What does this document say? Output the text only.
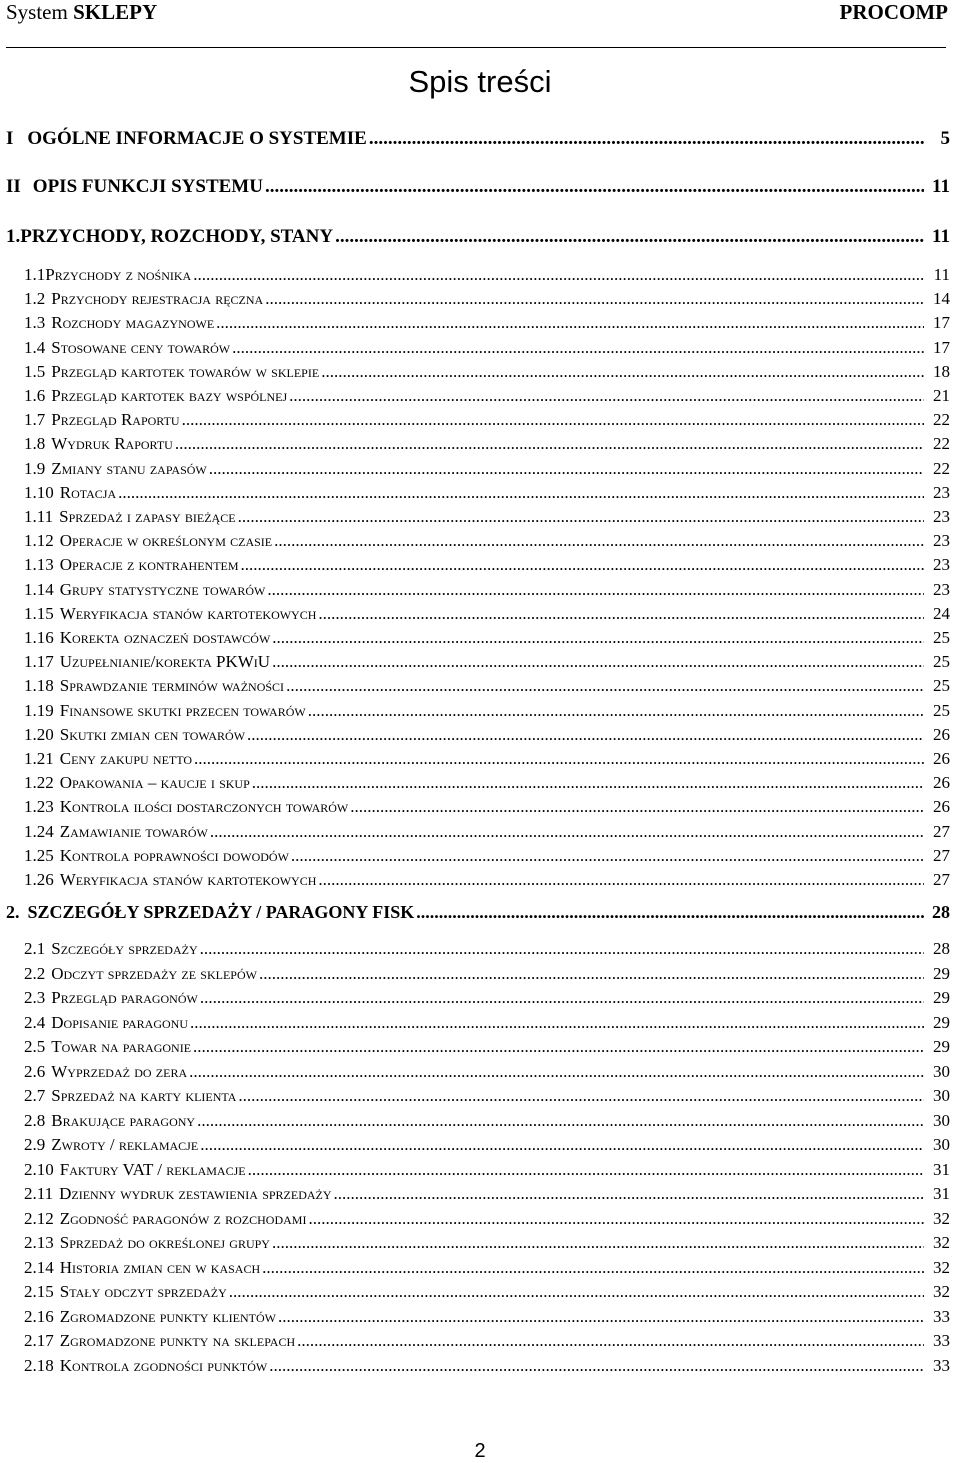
System SKLEPY	PROCOMP
Spis treści
I OGÓLNE INFORMACJE O SYSTEMIE .....	5
II OPIS FUNKCJI SYSTEMU .....	11
1. PRZYCHODY, ROZCHODY, STANY .....	11
1.1 Przychody z nośnika .....	11
1.2 Przychody rejestracja ręczna .....	14
1.3 Rozchody magazynowe .....	17
1.4 Stosowane ceny towarów .....	17
1.5 Przegląd kartotek towarów w sklepie .....	18
1.6 Przegląd kartotek bazy wspólnej .....	21
1.7 Przegląd Raportu .....	22
1.8 Wydruk Raportu .....	22
1.9 Zmiany stanu zapasów .....	22
1.10 Rotacja .....	23
1.11 Sprzedaż i zapasy bieżące .....	23
1.12 Operacje w określonym czasie .....	23
1.13 Operacje z kontrahentem .....	23
1.14 Grupy statystyczne towarów .....	23
1.15 Weryfikacja stanów kartotekowych .....	24
1.16 Korekta oznaczeń dostawców .....	25
1.17 Uzupełnianie/korekta PKWiU .....	25
1.18 Sprawdzanie terminów ważności .....	25
1.19 Finansowe skutki przecen towarów .....	25
1.20 Skutki zmian cen towarów .....	26
1.21 Ceny zakupu netto .....	26
1.22 Opakowania – kaucje i skup .....	26
1.23 Kontrola ilości dostarczonych towarów .....	26
1.24 Zamawianie towarów .....	27
1.25 Kontrola poprawności dowodów .....	27
1.26 Weryfikacja stanów kartotekowych .....	27
2. SZCZEGÓŁY SPRZEDAŻY / PARAGONY FISK .....	28
2.1 Szczegóły sprzedaży .....	28
2.2 Odczyt sprzedaży ze sklepów .....	29
2.3 Przegląd paragonów .....	29
2.4 Dopisanie paragonu .....	29
2.5 Towar na paragonie .....	29
2.6 Wyprzedaż do zera .....	30
2.7 Sprzedaż na karty klienta .....	30
2.8 Brakujące paragony .....	30
2.9 Zwroty / reklamacje .....	30
2.10 Faktury VAT / reklamacje .....	31
2.11 Dzienny wydruk zestawienia sprzedaży .....	31
2.12 Zgodność paragonów z rozchodami .....	32
2.13 Sprzedaż do określonej grupy .....	32
2.14 Historia zmian cen w kasach .....	32
2.15 Stały odczyt sprzedaży .....	32
2.16 Zgromadzone punkty klientów .....	33
2.17 Zgromadzone punkty na sklepach .....	33
2.18 Kontrola zgodności punktów .....	33
2
